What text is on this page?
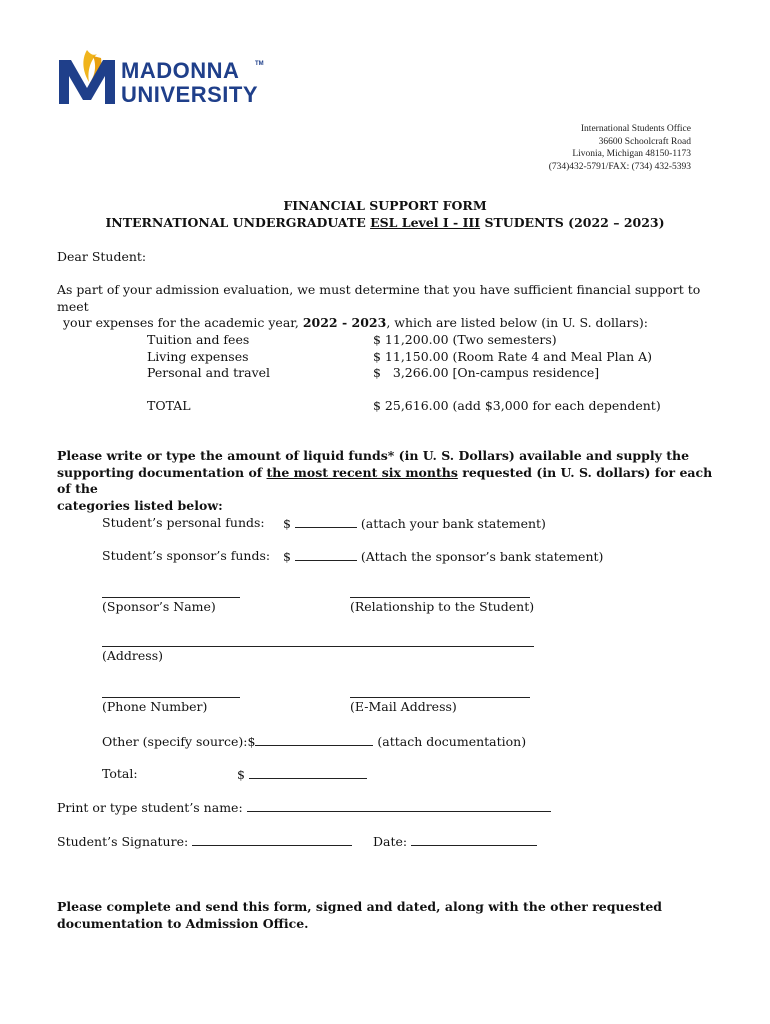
MADONNA	TM
UNIVERSITY
International Students Office
36600 Schoolcraft Road
Livonia, Michigan 48150-1173
(734)432-5791/FAX: (734) 432-5393
FINANCIAL SUPPORT FORM
INTERNATIONAL UNDERGRADUATE ESL Level I - III STUDENTS (2022 – 2023)
Dear Student:
As part of your admission evaluation, we must determine that you have sufficient financial support to meet
your expenses for the academic year, 2022 - 2023, which are listed below (in U. S. dollars):
Tuition and fees	$ 11,200.00 (Two semesters)
Living expenses	$ 11,150.00 (Room Rate 4 and Meal Plan A)
Personal and travel	$   3,266.00 [On-campus residence]
TOTAL	$ 25,616.00 (add $3,000 for each dependent)
Please write or type the amount of liquid funds* (in U. S. Dollars) available and supply the
supporting documentation of the most recent six months requested (in U. S. dollars) for each of the
categories listed below:
Student’s personal funds: $	(attach your bank statement)
Student’s sponsor’s funds: $	(Attach the sponsor’s bank statement)
(Sponsor’s Name)	(Relationship to the Student)
(Address)
(Phone Number)	(E-Mail Address)
Other (specify source):$	(attach documentation)
Total:	$
Print or type student’s name:
Student’s Signature:	Date:
Please complete and send this form, signed and dated, along with the other requested
documentation to Admission Office.
